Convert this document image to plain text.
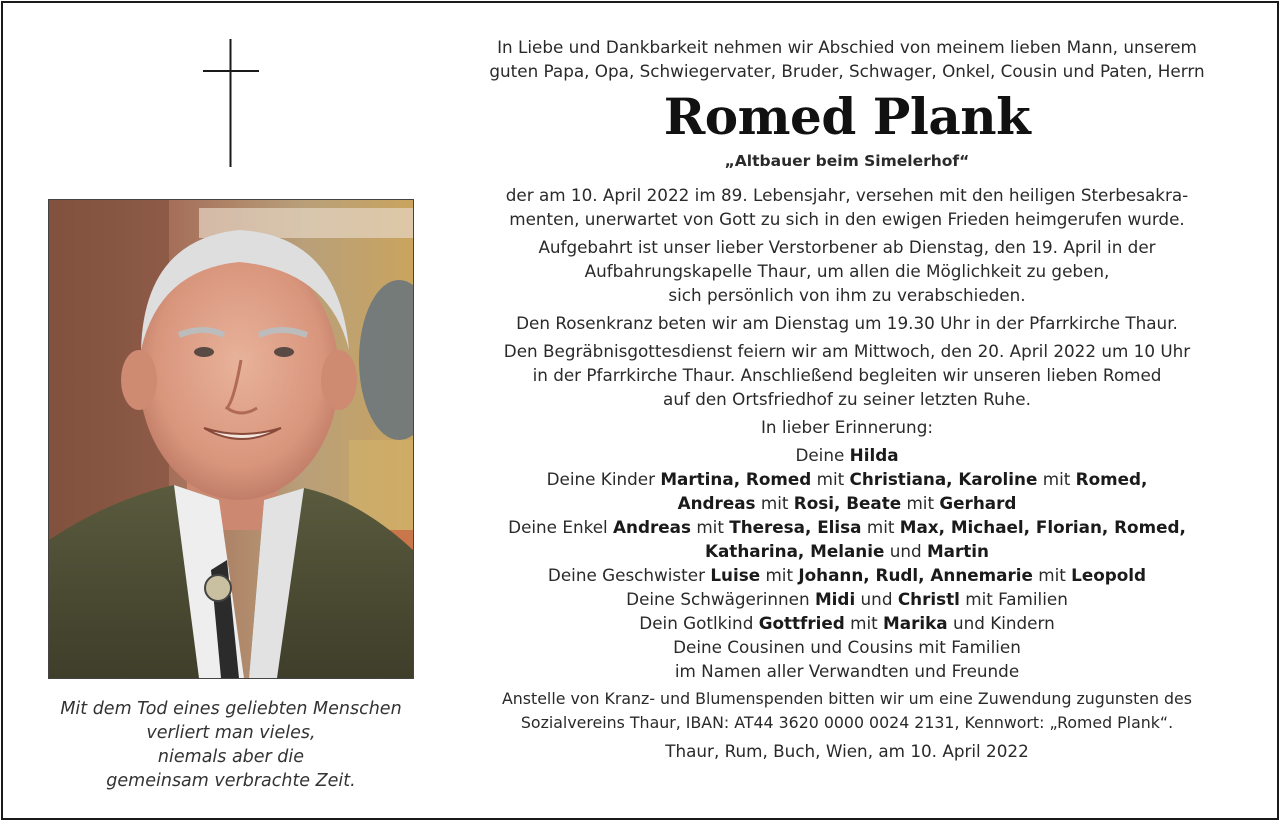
Mit dem Tod eines geliebten Menschen
verliert man vieles,
niemals aber die
gemeinsam verbrachte Zeit.
In Liebe und Dankbarkeit nehmen wir Abschied von meinem lieben Mann, unserem
guten Papa, Opa, Schwiegervater, Bruder, Schwager, Onkel, Cousin und Paten, Herrn
Romed Plank
„Altbauer beim Simelerhof“
der am 10. April 2022 im 89. Lebensjahr, versehen mit den heiligen Sterbesakra-
menten, unerwartet von Gott zu sich in den ewigen Frieden heimgerufen wurde.
Aufgebahrt ist unser lieber Verstorbener ab Dienstag, den 19. April in der
Aufbahrungskapelle Thaur, um allen die Möglichkeit zu geben,
sich persönlich von ihm zu verabschieden.
Den Rosenkranz beten wir am Dienstag um 19.30 Uhr in der Pfarrkirche Thaur.
Den Begräbnisgottesdienst feiern wir am Mittwoch, den 20. April 2022 um 10 Uhr
in der Pfarrkirche Thaur. Anschließend begleiten wir unseren lieben Romed
auf den Ortsfriedhof zu seiner letzten Ruhe.
In lieber Erinnerung:
Deine Hilda
Deine Kinder Martina, Romed mit Christiana, Karoline mit Romed,
Andreas mit Rosi, Beate mit Gerhard
Deine Enkel Andreas mit Theresa, Elisa mit Max, Michael, Florian, Romed,
Katharina, Melanie und Martin
Deine Geschwister Luise mit Johann, Rudl, Annemarie mit Leopold
Deine Schwägerinnen Midi und Christl mit Familien
Dein Gotlkind Gottfried mit Marika und Kindern
Deine Cousinen und Cousins mit Familien
im Namen aller Verwandten und Freunde
Anstelle von Kranz- und Blumenspenden bitten wir um eine Zuwendung zugunsten des
Sozialvereins Thaur, IBAN: AT44 3620 0000 0024 2131, Kennwort: „Romed Plank“.
Thaur, Rum, Buch, Wien, am 10. April 2022
